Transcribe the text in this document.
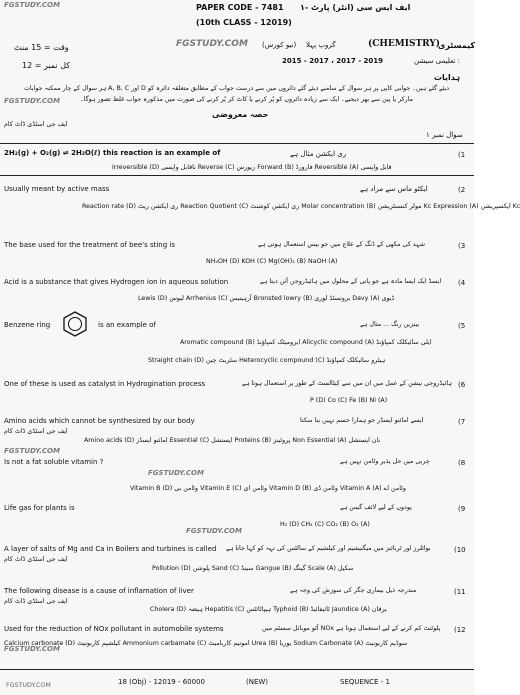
FGSTUDY.COM
FGSTUDY.COM
FGSTUDY.COM
FGSTUDY.COM
FGSTUDY.COM
FGSTUDY.COM
PAPER CODE - 7481 ایف ایس سی (انٹر) پارٹ -۱
(10th CLASS - 12019)
وقت = 15 منٹ
کل نمبر = 12
(CHEMISTRY)
کیمسٹری
گروپ پہلا
(نیو کورس)
FGSTUDY.COM
تعلیمی سیشن :
2015 - 2017 ، 2017 - 2019
ہدایات
ہر سوال کے چار ممکنہ جوابات A, B, C اور D دیئے گئے ہیں۔ جوابی کاپی پر ہر سوال کے سامنے دیئے گئے دائروں میں سے درست جواب کے مطابق متعلقہ دائرہ کو
مارکر یا پین سے بھر دیجیے۔ ایک سے زیادہ دائروں کو پُر کرنے یا کاٹ کر پُر کرنے کی صورت میں مذکورہ جواب غلط تصور ہوگا۔
حصہ معروضی
ایف جی اسٹڈی ڈاٹ کام
سوال نمبر ۱
(1
2H₂(g) + O₂(g) ⇌ 2H₂O(ℓ) this reaction is an example of	ری ایکشن مثال ہے
Irreversible (D) ناقابل واپسی Reverse (C) ریورس Forward (B) فارورڈ Reversible (A) قابل واپسی
(2
Usually meant by active mass	ایکٹو ماس سے مراد ہے
Reaction rate (D) ری ایکشن ریٹ Reaction Quotient (C) ری ایکشن کوشنٹ Molar concentration (B) مولر کنسنٹریشن Kc Expression (A) ایکسپریشن Kc
(3
The base used for the treatment of bee's sting is	شہد کی مکھی کے ڈنگ کے علاج میں جو بیس استعمال ہوتی ہے
NH₄OH (D) KOH (C) Mg(OH)₂ (B) NaOH (A)
(4
Acid is a substance that gives Hydrogen ion in aqueous solution	ایسڈ ایک ایسا مادہ ہے جو پانی کے محلول میں ہائیڈروجن آئن دیتا ہے
Lewis (D) لیوس Arrhenius (C) آرہینیس Bronsted lowry (B) برونسٹڈ لوری Davy (A) ڈیوی
(5
Benzene ring	is an example of	بینزین رنگ ... مثال ہے
Aromatic compound (B) ایرومیٹک کمپاؤنڈ Alicyclic compound (A) ایلی سائیکلک کمپاؤنڈ
Straight chain (D) سٹریٹ چین Heterocyclic compound (C) ہیٹرو سائیکلک کمپاؤنڈ
(6
One of these is used as catalyst in Hydrogination process	ہائیڈروجی نیشن کے عمل میں ان میں سے کیٹالسٹ کے طور پر استعمال ہوتا ہے
P (D) Co (C) Fe (B) Ni (A)
(7
Amino acids which cannot be synthesized by our body
ایف جی اسٹڈی ڈاٹ کام
ایسے امائنو ایسڈز جو ہمارا جسم نہیں بنا سکتا
Amino acids (D) امائنو ایسڈز Essential (C) ایسنشل Proteins (B) پروٹینز Non Essential (A) نان ایسنشل
(8
Is not a fat soluble vitamin ?	چربی میں حل پذیر وٹامن نہیں ہے
Vitamin B (D) وٹامن بی Vitamin E (C) وٹامن ای Vitamin D (B) وٹامن ڈی Vitamin A (A) وٹامن اے
(9
Life gas for plants is	پودوں کے لیے لائف گیس ہے
H₂ (D) CH₄ (C) CO₂ (B) O₂ (A)
(10
A layer of salts of Mg and Ca in Boilers and turbines is called
ایف جی اسٹڈی ڈاٹ کام
بوائلرز اور ٹربائنز میں میگنیشیم اور کیلشیم کے سالٹس کی تہہ کو کہا جاتا ہے
Pollution (D) پلوشن Sand (C) سینڈ Gangue (B) گینگ Scale (A) سکیل
(11
The following disease is a cause of inflamation of liver
ایف جی اسٹڈی ڈاٹ کام
مندرجہ ذیل بیماری جگر کی سوزش کی وجہ ہے
Cholera (D) ہیضہ Hepatitis (C) ہیپاٹائٹس Typhoid (B) ٹائیفائیڈ Jaundice (A) یرقان
(12
Used for the reduction of NOx pollutant in automobile systems	آٹو موبائل سسٹم میں NOx پلوٹنٹ کم کرنے کے لیے استعمال ہوتا ہے
Calcium carbonate (D) کیلشیم کاربونیٹ Ammonium carbamate (C) امونیم کاربامیٹ Urea (B) یوریا Sodium Carbonate (A) سوڈیم کاربونیٹ
18 (Obj) - 12019 - 60000	(NEW)	SEQUENCE - 1
FGSTUDY.COM
